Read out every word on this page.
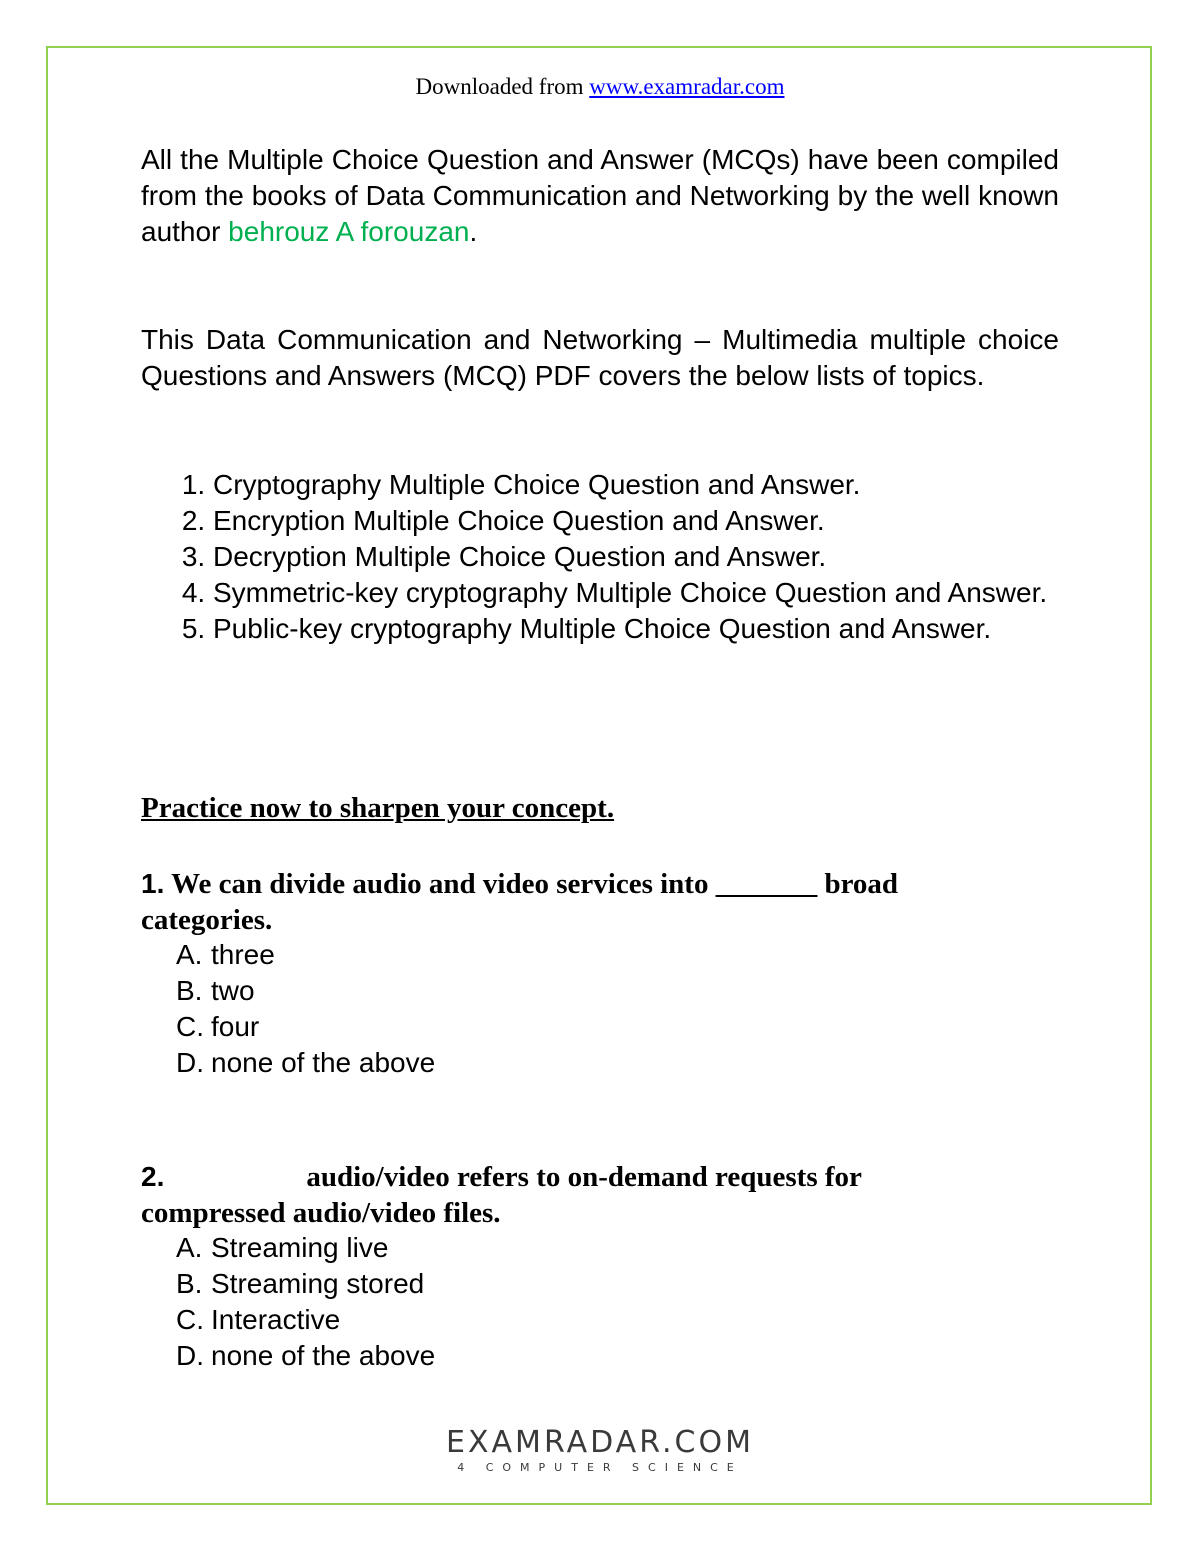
Downloaded from www.examradar.com
All the Multiple Choice Question and Answer (MCQs) have been compiled from the books of Data Communication and Networking by the well known author behrouz A forouzan.
This Data Communication and Networking – Multimedia multiple choice Questions and Answers (MCQ) PDF covers the below lists of topics.
1. Cryptography Multiple Choice Question and Answer.
2. Encryption Multiple Choice Question and Answer.
3. Decryption Multiple Choice Question and Answer.
4. Symmetric-key cryptography Multiple Choice Question and Answer.
5. Public-key cryptography Multiple Choice Question and Answer.
Practice now to sharpen your concept.
1. We can divide audio and video services into _______ broad categories.
A. three
B. two
C. four
D. none of the above
2.	audio/video refers to on-demand requests for compressed audio/video files.
A. Streaming live
B. Streaming stored
C. Interactive
D. none of the above
EXAMRADAR.COM
4 COMPUTER SCIENCE
